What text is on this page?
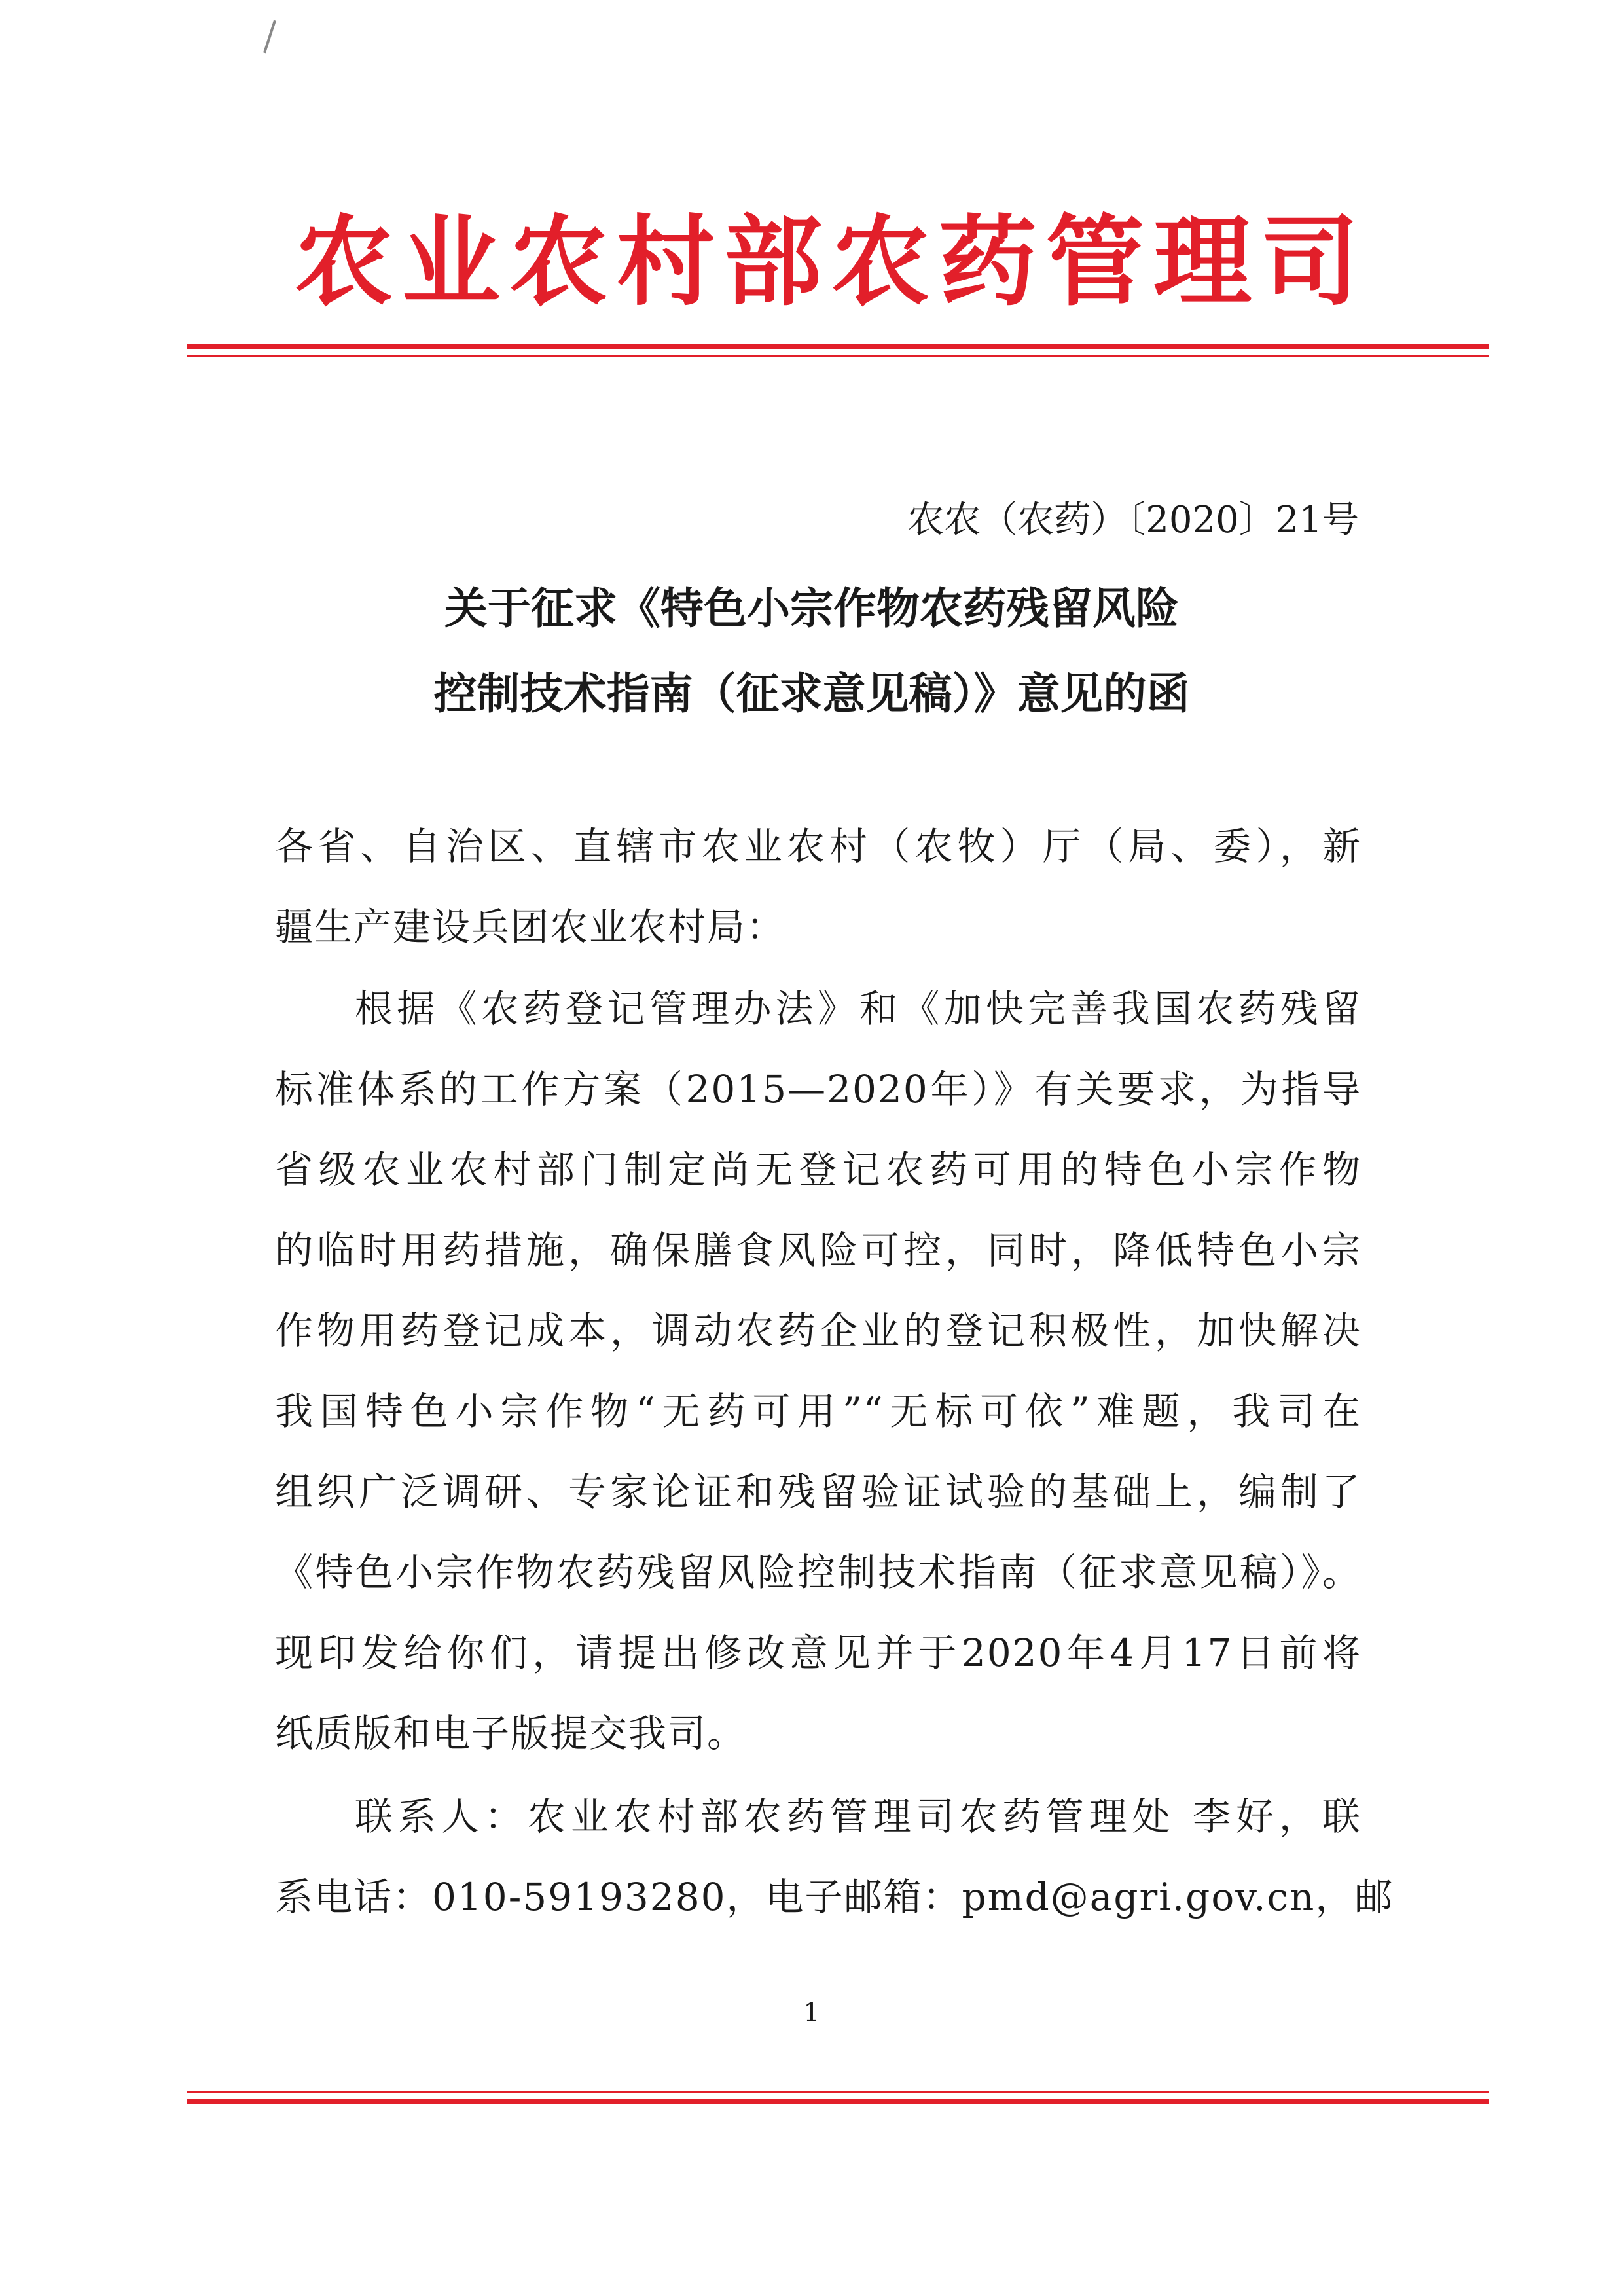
农业农村部农药管理司
农农（农药）〔2020〕21号
关于征求《特色小宗作物农药残留风险
控制技术指南（征求意见稿）》意见的函
各省、自治区、直辖市农业农村（农牧）厅（局、委），新
疆生产建设兵团农业农村局：
根据《农药登记管理办法》和《加快完善我国农药残留
标准体系的工作方案（2015—2020年）》有关要求，为指导
省级农业农村部门制定尚无登记农药可用的特色小宗作物
的临时用药措施，确保膳食风险可控，同时，降低特色小宗
作物用药登记成本，调动农药企业的登记积极性，加快解决
我国特色小宗作物“无药可用”“无标可依”难题，我司在
组织广泛调研、专家论证和残留验证试验的基础上，编制了
《特色小宗作物农药残留风险控制技术指南（征求意见稿）》。
现印发给你们，请提出修改意见并于2020年4月17日前将
纸质版和电子版提交我司。
联系人：农业农村部农药管理司农药管理处 李好，联
系电话：010-59193280，电子邮箱：pmd@agri.gov.cn，邮
1
